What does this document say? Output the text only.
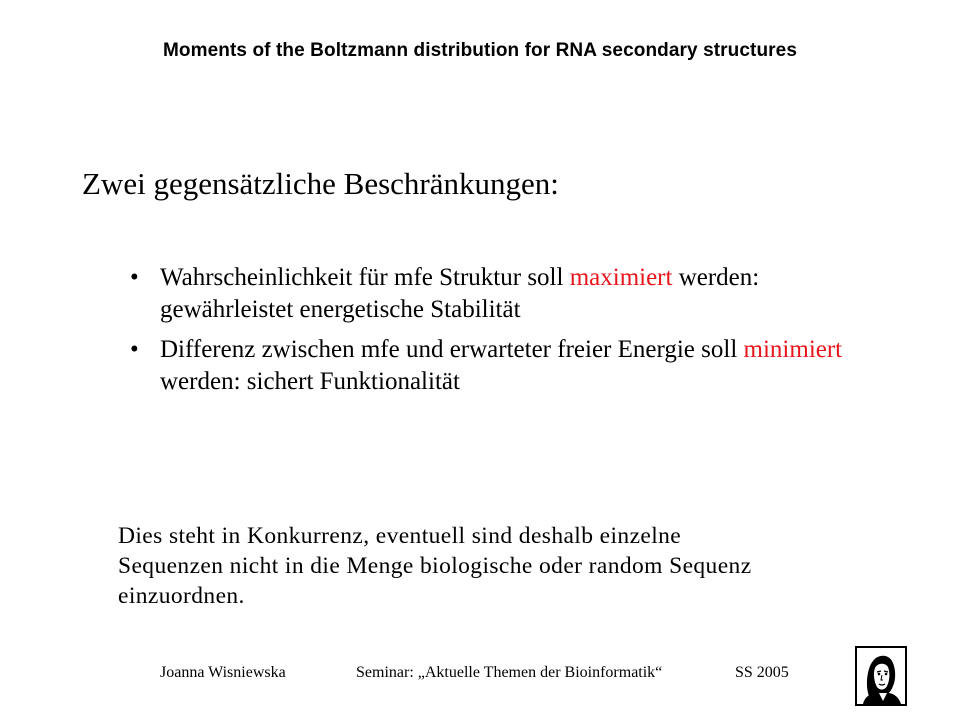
Moments of the Boltzmann distribution for RNA secondary structures
Zwei gegensätzliche Beschränkungen:
• Wahrscheinlichkeit für mfe Struktur soll maximiert werden: gewährleistet energetische Stabilität
• Differenz zwischen mfe und erwarteter freier Energie soll minimiert werden: sichert Funktionalität
Dies steht in Konkurrenz, eventuell sind deshalb einzelne
Sequenzen nicht in die Menge biologische oder random Sequenz
einzuordnen.
Joanna Wisniewska	Seminar: „Aktuelle Themen der Bioinformatik“	SS 2005
